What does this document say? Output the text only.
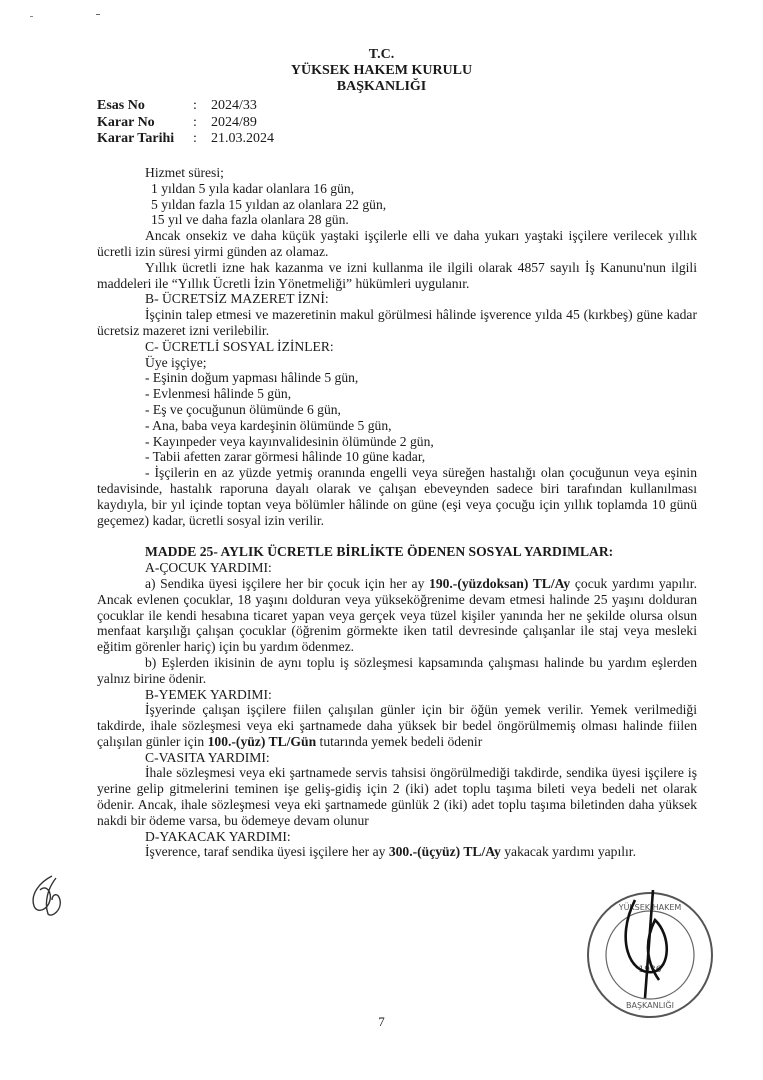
T.C.
YÜKSEK HAKEM KURULU
BAŞKANLIĞI
Esas No	:	2024/33
Karar No	:	2024/89
Karar Tarihi	:	21.03.2024

Hizmet süresi;

1 yıldan 5 yıla kadar olanlara 16 gün,

5 yıldan fazla 15 yıldan az olanlara 22 gün,

15 yıl ve daha fazla olanlara 28 gün.

Ancak onsekiz ve daha küçük yaştaki işçilerle elli ve daha yukarı yaştaki işçilere verilecek yıllık ücretli izin süresi yirmi günden az olamaz.

Yıllık ücretli izne hak kazanma ve izni kullanma ile ilgili olarak 4857 sayılı İş Kanunu'nun ilgili maddeleri ile “Yıllık Ücretli İzin Yönetmeliği” hükümleri uygulanır.

B- ÜCRETSİZ MAZERET İZNİ:

İşçinin talep etmesi ve mazeretinin makul görülmesi hâlinde işverence yılda 45 (kırkbeş) güne kadar ücretsiz mazeret izni verilebilir.

C- ÜCRETLİ SOSYAL İZİNLER:

Üye işçiye;

- Eşinin doğum yapması hâlinde 5 gün,

- Evlenmesi hâlinde 5 gün,

- Eş ve çocuğunun ölümünde 6 gün,

- Ana, baba veya kardeşinin ölümünde 5 gün,

- Kayınpeder veya kayınvalidesinin ölümünde 2 gün,

- Tabii afetten zarar görmesi hâlinde 10 güne kadar,

- İşçilerin en az yüzde yetmiş oranında engelli veya süreğen hastalığı olan çocuğunun veya eşinin tedavisinde, hastalık raporuna dayalı olarak ve çalışan ebeveynden sadece biri tarafından kullanılması kaydıyla, bir yıl içinde toptan veya bölümler hâlinde on güne (eşi veya çocuğu için yıllık toplamda 10 günü geçemez) kadar, ücretli sosyal izin verilir.

MADDE 25- AYLIK ÜCRETLE BİRLİKTE ÖDENEN SOSYAL YARDIMLAR:

A-ÇOCUK YARDIMI:

a) Sendika üyesi işçilere her bir çocuk için her ay 190.-(yüzdoksan) TL/Ay çocuk yardımı yapılır. Ancak evlenen çocuklar, 18 yaşını dolduran veya yükseköğrenime devam etmesi halinde 25 yaşını dolduran çocuklar ile kendi hesabına ticaret yapan veya gerçek veya tüzel kişiler yanında her ne şekilde olursa olsun menfaat karşılığı çalışan çocuklar (öğrenim görmekte iken tatil devresinde çalışanlar ile staj veya mesleki eğitim görenler hariç) için bu yardım ödenmez.

b) Eşlerden ikisinin de aynı toplu iş sözleşmesi kapsamında çalışması halinde bu yardım eşlerden yalnız birine ödenir.

B-YEMEK YARDIMI:

İşyerinde çalışan işçilere fiilen çalışılan günler için bir öğün yemek verilir. Yemek verilmediği takdirde, ihale sözleşmesi veya eki şartnamede daha yüksek bir bedel öngörülmemiş olması halinde fiilen çalışılan günler için 100.-(yüz) TL/Gün tutarında yemek bedeli ödenir

C-VASITA YARDIMI:

İhale sözleşmesi veya eki şartnamede servis tahsisi öngörülmediği takdirde, sendika üyesi işçilere iş yerine gelip gitmelerini teminen işe geliş-gidiş için 2 (iki) adet toplu taşıma bileti veya bedeli net olarak ödenir. Ancak, ihale sözleşmesi veya eki şartnamede günlük 2 (iki) adet toplu taşıma biletinden daha yüksek nakdi bir ödeme varsa, bu ödemeye devam olunur

D-YAKACAK YARDIMI:

İşverence, taraf sendika üyesi işçilere her ay 300.-(üçyüz) TL/Ay yakacak yardımı yapılır.

YÜKSEK HAKEM
BAŞKANLIĞI
1936
7
